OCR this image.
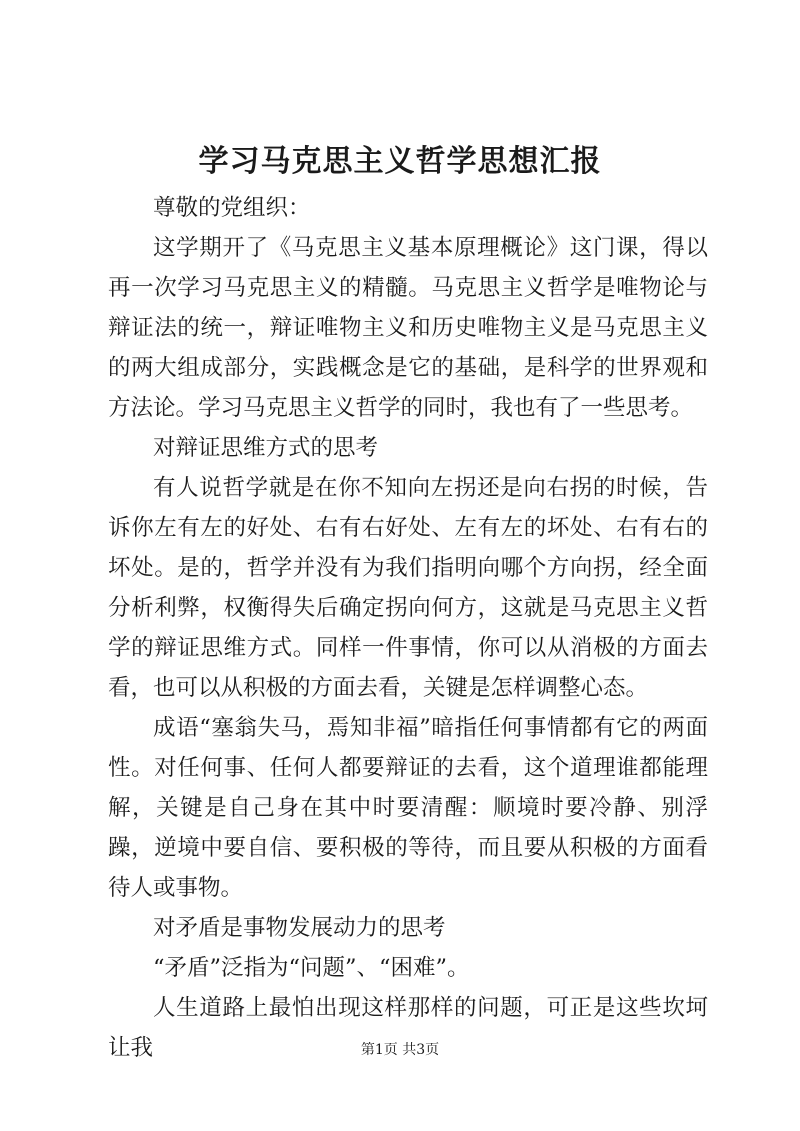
学习马克思主义哲学思想汇报

尊敬的党组织：

这学期开了《马克思主义基本原理概论》这门课，得以再一次学习马克思主义的精髓。马克思主义哲学是唯物论与辩证法的统一，辩证唯物主义和历史唯物主义是马克思主义的两大组成部分，实践概念是它的基础，是科学的世界观和方法论。学习马克思主义哲学的同时，我也有了一些思考。

对辩证思维方式的思考

有人说哲学就是在你不知向左拐还是向右拐的时候，告诉你左有左的好处、右有右好处、左有左的坏处、右有右的坏处。是的，哲学并没有为我们指明向哪个方向拐，经全面分析利弊，权衡得失后确定拐向何方，这就是马克思主义哲学的辩证思维方式。同样一件事情，你可以从消极的方面去看，也可以从积极的方面去看，关键是怎样调整心态。

成语“塞翁失马，焉知非福”暗指任何事情都有它的两面性。对任何事、任何人都要辩证的去看，这个道理谁都能理解，关键是自己身在其中时要清醒：顺境时要冷静、别浮躁，逆境中要自信、要积极的等待，而且要从积极的方面看待人或事物。

对矛盾是事物发展动力的思考

“矛盾”泛指为“问题”、“困难”。

人生道路上最怕出现这样那样的问题，可正是这些坎坷让我	第1页 共3页
